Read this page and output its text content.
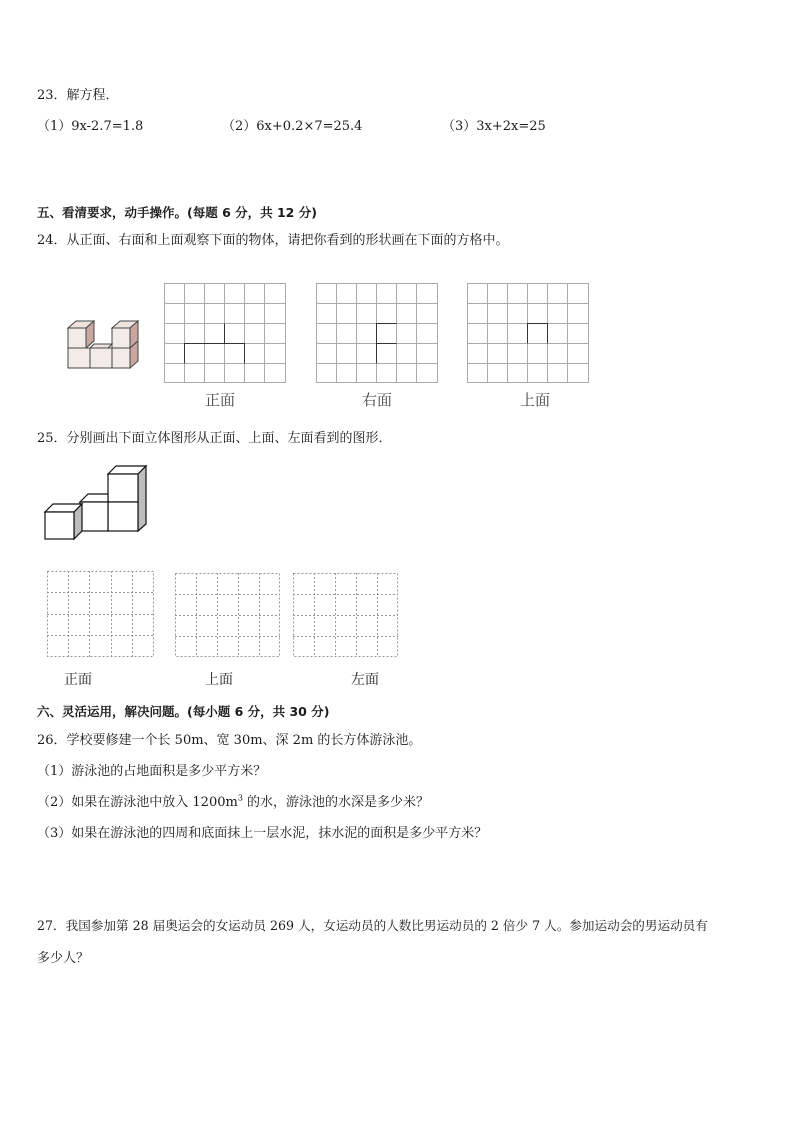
23．解方程．
（1）9x-2.7=1.8	（2）6x+0.2×7=25.4	（3）3x+2x=25
五、看清要求，动手操作。(每题 6 分，共 12 分)
24．从正面、右面和上面观察下面的物体，请把你看到的形状画在下面的方格中。
正面	右面	上面
25．分别画出下面立体图形从正面、上面、左面看到的图形．
正面	上面	左面
六、灵活运用，解决问题。(每小题 6 分，共 30 分)
26．学校要修建一个长 50m、宽 30m、深 2m 的长方体游泳池。
（1）游泳池的占地面积是多少平方米？
（2）如果在游泳池中放入 $1200m^3$ 的水，游泳池的水深是多少米？
（3）如果在游泳池的四周和底面抹上一层水泥，抹水泥的面积是多少平方米？
27．我国参加第 28 届奥运会的女运动员 269 人，女运动员的人数比男运动员的 2 倍少 7 人。参加运动会的男运动员有
多少人？
